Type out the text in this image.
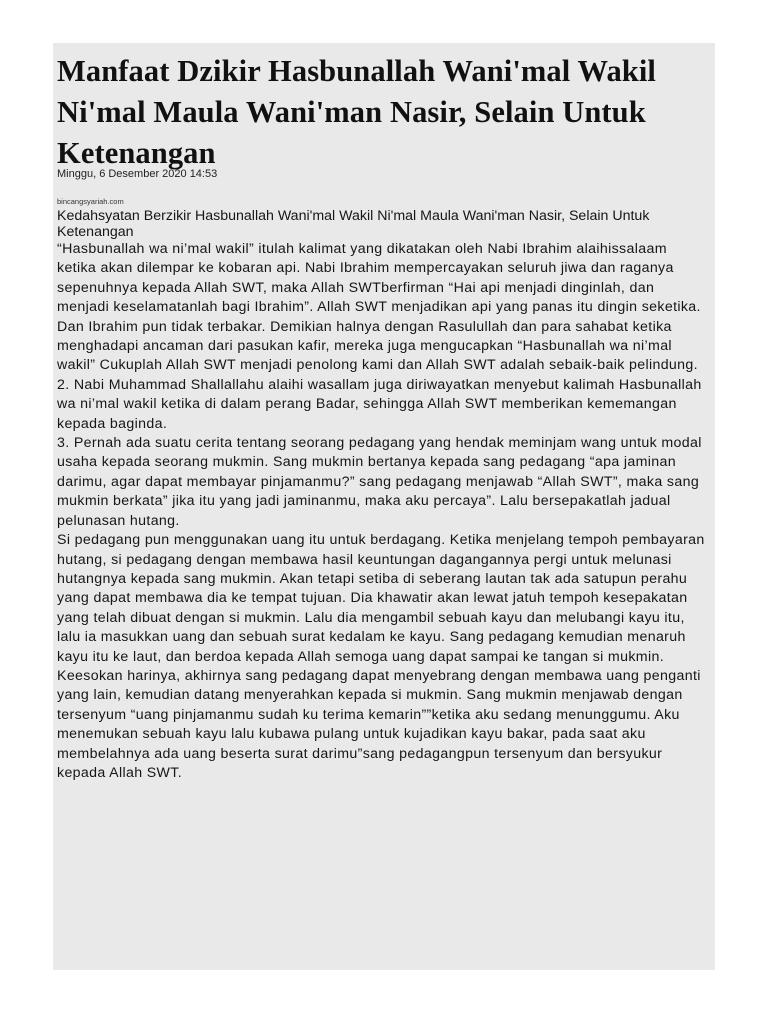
Manfaat Dzikir Hasbunallah Wani'mal Wakil Ni'mal Maula Wani'man Nasir, Selain Untuk Ketenangan
Minggu, 6 Desember 2020 14:53
bincangsyariah.com
Kedahsyatan Berzikir Hasbunallah Wani'mal Wakil Ni'mal Maula Wani'man Nasir, Selain Untuk Ketenangan

“Hasbunallah wa ni’mal wakil” itulah kalimat yang dikatakan oleh Nabi Ibrahim alaihissalaam ketika akan dilempar ke kobaran api. Nabi Ibrahim mempercayakan seluruh jiwa dan raganya sepenuhnya kepada Allah SWT, maka Allah SWTberfirman “Hai api menjadi dinginlah, dan menjadi keselamatanlah bagi Ibrahim”. Allah SWT menjadikan api yang panas itu dingin seketika. Dan Ibrahim pun tidak terbakar. Demikian halnya dengan Rasulullah dan para sahabat ketika menghadapi ancaman dari pasukan kafir, mereka juga mengucapkan “Hasbunallah wa ni’mal wakil” Cukuplah Allah SWT menjadi penolong kami dan Allah SWT adalah sebaik-baik pelindung.

2. Nabi Muhammad Shallallahu alaihi wasallam juga diriwayatkan menyebut kalimah Hasbunallah wa ni’mal wakil ketika di dalam perang Badar, sehingga Allah SWT memberikan kememangan kepada baginda.

3. Pernah ada suatu cerita tentang seorang pedagang yang hendak meminjam wang untuk modal usaha kepada seorang mukmin. Sang mukmin bertanya kepada sang pedagang “apa jaminan darimu, agar dapat membayar pinjamanmu?” sang pedagang menjawab “Allah SWT”, maka sang mukmin berkata” jika itu yang jadi jaminanmu, maka aku percaya”. Lalu bersepakatlah jadual pelunasan hutang.

Si pedagang pun menggunakan uang itu untuk berdagang. Ketika menjelang tempoh pembayaran hutang, si pedagang dengan membawa hasil keuntungan dagangannya pergi untuk melunasi hutangnya kepada sang mukmin. Akan tetapi setiba di seberang lautan tak ada satupun perahu yang dapat membawa dia ke tempat tujuan. Dia khawatir akan lewat jatuh tempoh kesepakatan yang telah dibuat dengan si mukmin. Lalu dia mengambil sebuah kayu dan melubangi kayu itu, lalu ia masukkan uang dan sebuah surat kedalam ke kayu. Sang pedagang kemudian menaruh kayu itu ke laut, dan berdoa kepada Allah semoga uang dapat sampai ke tangan si mukmin.

Keesokan harinya, akhirnya sang pedagang dapat menyebrang dengan membawa uang penganti yang lain, kemudian datang menyerahkan kepada si mukmin. Sang mukmin menjawab dengan tersenyum “uang pinjamanmu sudah ku terima kemarin””ketika aku sedang menunggumu. Aku menemukan sebuah kayu lalu kubawa pulang untuk kujadikan kayu bakar, pada saat aku membelahnya ada uang beserta surat darimu”sang pedagangpun tersenyum dan bersyukur kepada Allah SWT.
